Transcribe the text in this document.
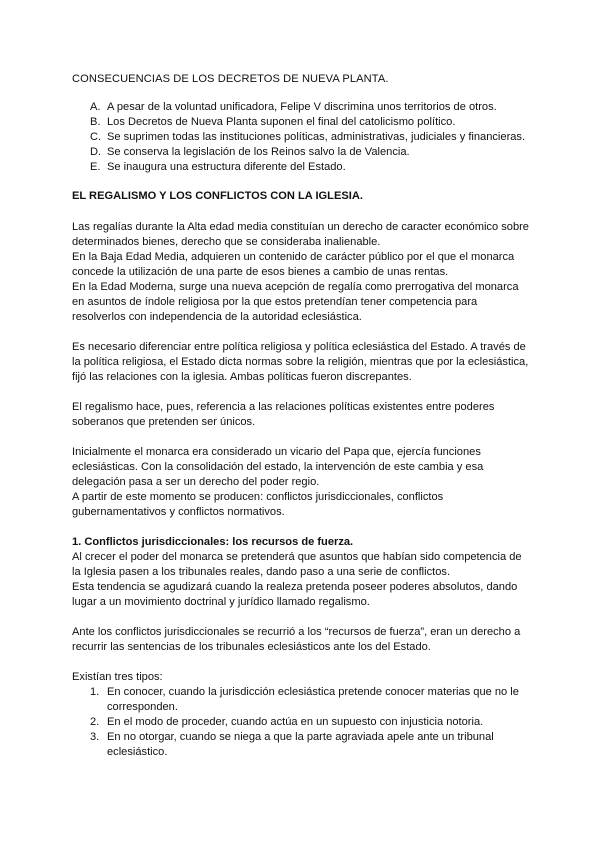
CONSECUENCIAS DE LOS DECRETOS DE NUEVA PLANTA.
A. A pesar de la voluntad unificadora, Felipe V discrimina unos territorios de otros.
B. Los Decretos de Nueva Planta suponen el final del catolicismo político.
C. Se suprimen todas las instituciones políticas, administrativas, judiciales y financieras.
D. Se conserva la legislación de los Reinos salvo la de Valencia.
E. Se inaugura una estructura diferente del Estado.
EL REGALISMO Y LOS CONFLICTOS CON LA IGLESIA.

Las regalías durante la Alta edad media constituían un derecho de caracter económico sobre determinados bienes, derecho que se consideraba inalienable.

En la Baja Edad Media, adquieren un contenido de carácter público por el que el monarca concede la utilización de una parte de esos bienes a cambio de unas rentas.

En la Edad Moderna, surge una nueva acepción de regalía como prerrogativa del monarca en asuntos de índole religiosa por la que estos pretendían tener competencia para resolverlos con independencia de la autoridad eclesiástica.

Es necesario diferenciar entre política religiosa y política eclesiástica del Estado. A través de la política religiosa, el Estado dicta normas sobre la religión, mientras que por la eclesiástica, fijó las relaciones con la iglesia. Ambas políticas fueron discrepantes.

El regalismo hace, pues, referencia a las relaciones políticas existentes entre poderes soberanos que pretenden ser únicos.

Inicialmente el monarca era considerado un vicario del Papa que, ejercía funciones eclesiásticas. Con la consolidación del estado, la intervención de este cambia y esa delegación pasa a ser un derecho del poder regio.

A partir de este momento se producen: conflictos jurisdiccionales, conflictos gubernamentativos y conflictos normativos.

1. Conflictos jurisdiccionales: los recursos de fuerza.

Al crecer el poder del monarca se pretenderá que asuntos que habían sido competencia de la Iglesia pasen a los tribunales reales, dando paso a una serie de conflictos.

Esta tendencia se agudizará cuando la realeza pretenda poseer poderes absolutos, dando lugar a un movimiento doctrinal y jurídico llamado regalismo.

Ante los conflictos jurisdiccionales se recurrió a los “recursos de fuerza”, eran un derecho a recurrir las sentencias de los tribunales eclesiásticos ante los del Estado.

Existían tres tipos:

1. En conocer, cuando la jurisdicción eclesiástica pretende conocer materias que no le corresponden.
2. En el modo de proceder, cuando actúa en un supuesto con injusticia notoria.
3. En no otorgar, cuando se niega a que la parte agraviada apele ante un tribunal eclesiástico.
